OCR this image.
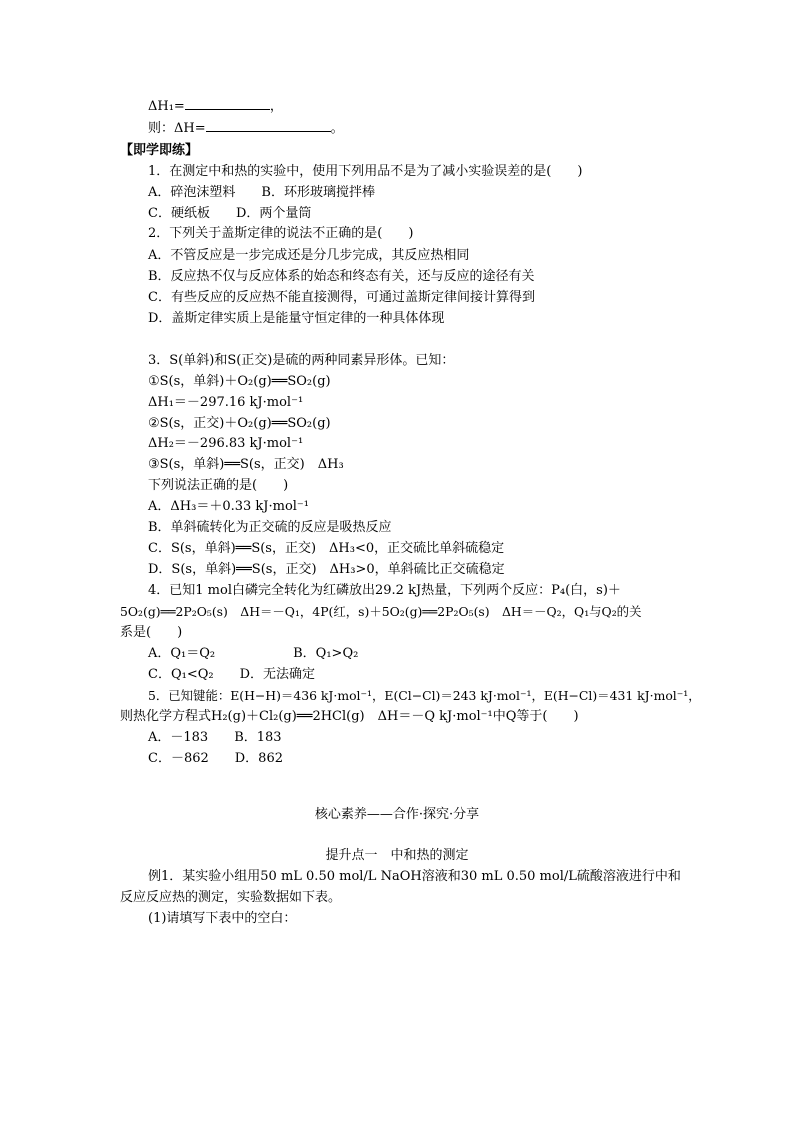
ΔH₁=	，
则：ΔH=	。
【即学即练】
1．在测定中和热的实验中，使用下列用品不是为了减小实验误差的是(　　)
A．碎泡沫塑料　　B．环形玻璃搅拌棒
C．硬纸板　　D．两个量筒
2．下列关于盖斯定律的说法不正确的是(　　)
A．不管反应是一步完成还是分几步完成，其反应热相同
B．反应热不仅与反应体系的始态和终态有关，还与反应的途径有关
C．有些反应的反应热不能直接测得，可通过盖斯定律间接计算得到
D．盖斯定律实质上是能量守恒定律的一种具体体现
3．S(单斜)和S(正交)是硫的两种同素异形体。已知：
①S(s，单斜)＋O₂(g)══SO₂(g)
ΔH₁＝－297.16 kJ·mol⁻¹
②S(s，正交)＋O₂(g)══SO₂(g)
ΔH₂＝－296.83 kJ·mol⁻¹
③S(s，单斜)══S(s，正交)　ΔH₃
下列说法正确的是(　　)
A．ΔH₃＝＋0.33 kJ·mol⁻¹
B．单斜硫转化为正交硫的反应是吸热反应
C．S(s，单斜)══S(s，正交)　ΔH₃<0，正交硫比单斜硫稳定
D．S(s，单斜)══S(s，正交)　ΔH₃>0，单斜硫比正交硫稳定
4．已知1 mol白磷完全转化为红磷放出29.2 kJ热量，下列两个反应：P₄(白，s)＋
5O₂(g)══2P₂O₅(s)　ΔH＝－Q₁，4P(红，s)＋5O₂(g)══2P₂O₅(s)　ΔH＝－Q₂，Q₁与Q₂的关
系是(　　)
A．Q₁＝Q₂　　　　　　B．Q₁>Q₂
C．Q₁<Q₂　　D．无法确定
5．已知键能：E(H−H)＝436 kJ·mol⁻¹，E(Cl−Cl)＝243 kJ·mol⁻¹，E(H−Cl)＝431 kJ·mol⁻¹，
则热化学方程式H₂(g)＋Cl₂(g)══2HCl(g)　ΔH＝－Q kJ·mol⁻¹中Q等于(　　)
A．－183　　B．183
C．－862　　D．862
核心素养——合作·探究·分享
提升点一　中和热的测定
例1．某实验小组用50 mL 0.50 mol/L NaOH溶液和30 mL 0.50 mol/L硫酸溶液进行中和
反应反应热的测定，实验数据如下表。
(1)请填写下表中的空白：
